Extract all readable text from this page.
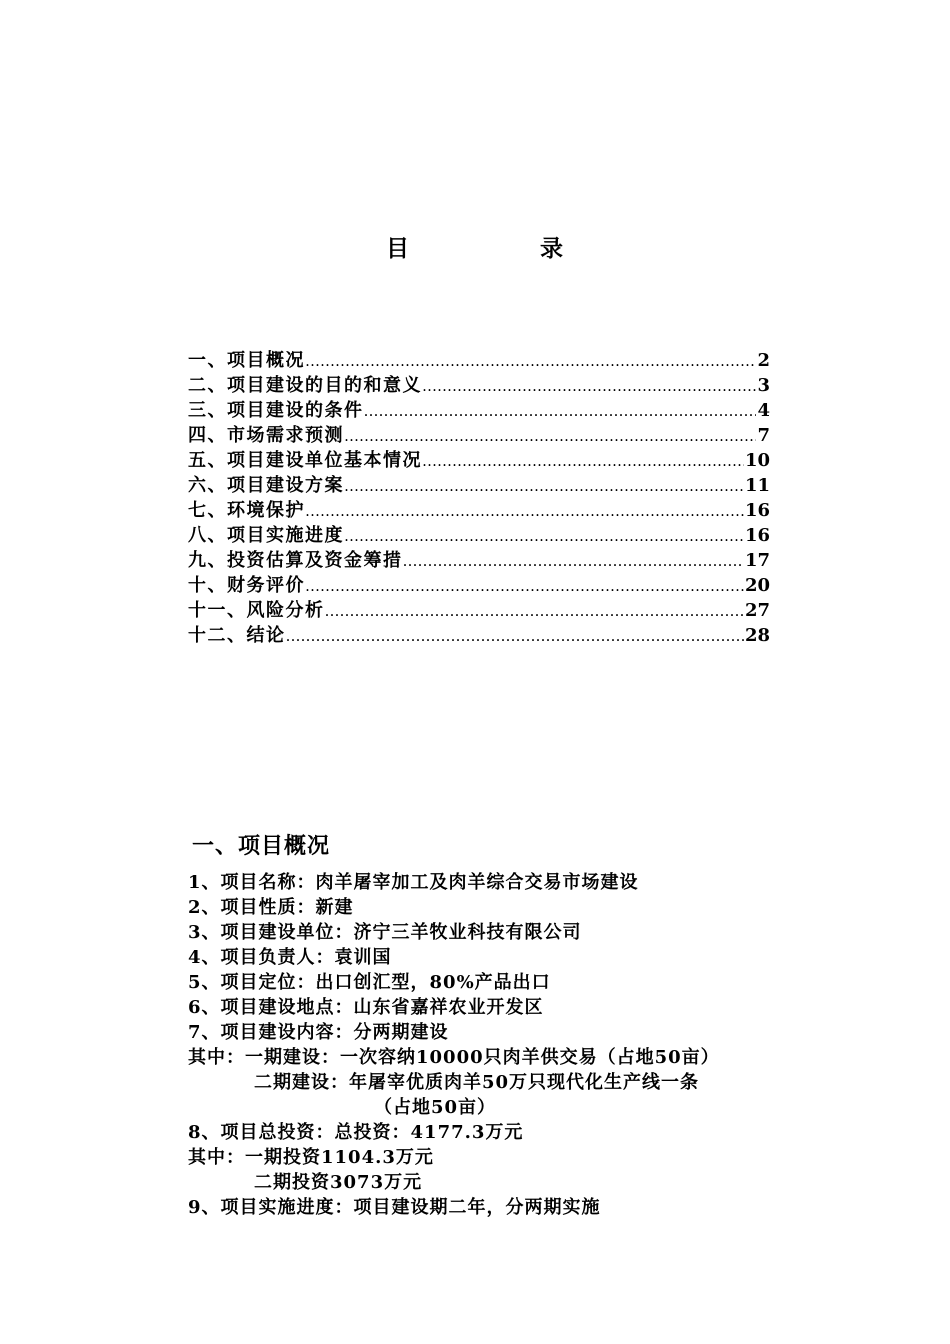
目	录
一、项目概况 …………………………………………………………………………………………………………………………………………………………………………	2
二、项目建设的目的和意义 …………………………………………………………………………………………………………………………………………………………………………	3
三、项目建设的条件 …………………………………………………………………………………………………………………………………………………………………………	4
四、市场需求预测 …………………………………………………………………………………………………………………………………………………………………………	7
五、项目建设单位基本情况 …………………………………………………………………………………………………………………………………………………………………………	10
六、项目建设方案 …………………………………………………………………………………………………………………………………………………………………………	11
七、环境保护 …………………………………………………………………………………………………………………………………………………………………………	16
八、项目实施进度 …………………………………………………………………………………………………………………………………………………………………………	16
九、投资估算及资金筹措 …………………………………………………………………………………………………………………………………………………………………………	17
十、财务评价 …………………………………………………………………………………………………………………………………………………………………………	20
十一、风险分析 …………………………………………………………………………………………………………………………………………………………………………	27
十二、结论 …………………………………………………………………………………………………………………………………………………………………………	28
一、项目概况
1、项目名称：肉羊屠宰加工及肉羊综合交易市场建设
2、项目性质：新建
3、项目建设单位：济宁三羊牧业科技有限公司
4、项目负责人：袁训国
5、项目定位：出口创汇型，80%产品出口
6、项目建设地点：山东省嘉祥农业开发区
7、项目建设内容：分两期建设
其中：一期建设：一次容纳10000只肉羊供交易（占地50亩）
二期建设：年屠宰优质肉羊50万只现代化生产线一条
（占地50亩）
8、项目总投资：总投资：4177.3万元
其中：一期投资1104.3万元
二期投资3073万元
9、项目实施进度：项目建设期二年，分两期实施
